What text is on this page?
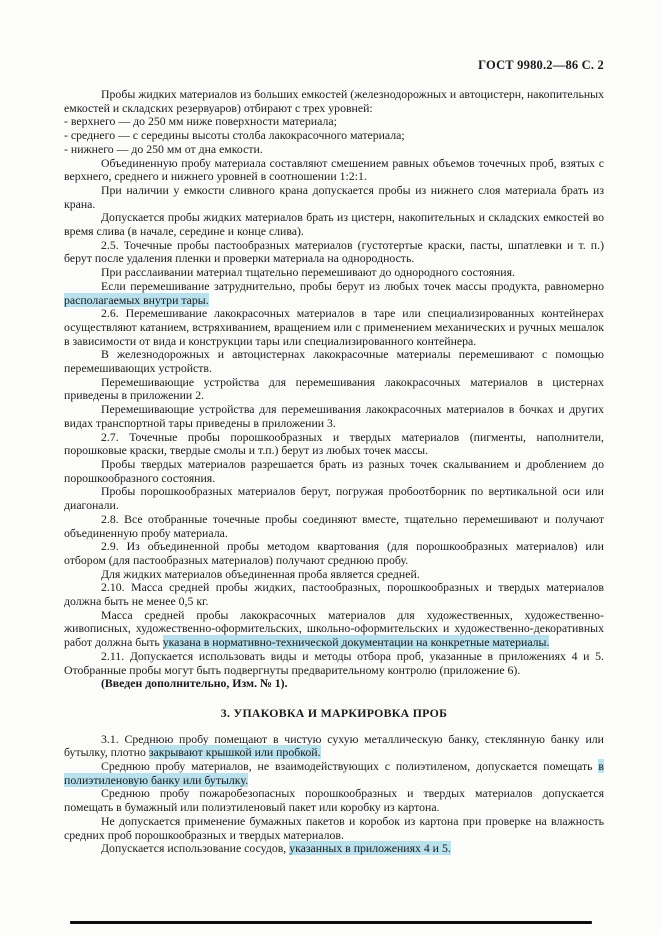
ГОСТ 9980.2—86 С. 2

Пробы жидких материалов из больших емкостей (железнодорожных и автоцистерн, накопительных емкостей и складских резервуаров) отбирают с трех уровней:

- верхнего — до 250 мм ниже поверхности материала;

- среднего — с середины высоты столба лакокрасочного материала;

- нижнего — до 250 мм от дна емкости.

Объединенную пробу материала составляют смешением равных объемов точечных проб, взятых с верхнего, среднего и нижнего уровней в соотношении 1:2:1.

При наличии у емкости сливного крана допускается пробы из нижнего слоя материала брать из крана.

Допускается пробы жидких материалов брать из цистерн, накопительных и складских емкостей во время слива (в начале, середине и конце слива).

2.5. Точечные пробы пастообразных материалов (густотертые краски, пасты, шпатлевки и т. п.) берут после удаления пленки и проверки материала на однородность.

При расслаивании материал тщательно перемешивают до однородного состояния.

Если перемешивание затруднительно, пробы берут из любых точек массы продукта, равномерно располагаемых внутри тары.

2.6. Перемешивание лакокрасочных материалов в таре или специализированных контейнерах осуществляют катанием, встряхиванием, вращением или с применением механических и ручных мешалок в зависимости от вида и конструкции тары или специализированного контейнера.

В железнодорожных и автоцистернах лакокрасочные материалы перемешивают с помощью перемешивающих устройств.

Перемешивающие устройства для перемешивания лакокрасочных материалов в цистернах приведены в приложении 2.

Перемешивающие устройства для перемешивания лакокрасочных материалов в бочках и других видах транспортной тары приведены в приложении 3.

2.7. Точечные пробы порошкообразных и твердых материалов (пигменты, наполнители, порошковые краски, твердые смолы и т.п.) берут из любых точек массы.

Пробы твердых материалов разрешается брать из разных точек скалыванием и дроблением до порошкообразного состояния.

Пробы порошкообразных материалов берут, погружая пробоотборник по вертикальной оси или диагонали.

2.8. Все отобранные точечные пробы соединяют вместе, тщательно перемешивают и получают объединенную пробу материала.

2.9. Из объединенной пробы методом квартования (для порошкообразных материалов) или отбором (для пастообразных материалов) получают среднюю пробу.

Для жидких материалов объединенная проба является средней.

2.10. Масса средней пробы жидких, пастообразных, порошкообразных и твердых материалов должна быть не менее 0,5 кг.

Масса средней пробы лакокрасочных материалов для художественных, художественно-живописных, художественно-оформительских, школьно-оформительских и художественно-декоративных работ должна быть указана в нормативно-технической документации на конкретные материалы.

2.11. Допускается использовать виды и методы отбора проб, указанные в приложениях 4 и 5. Отобранные пробы могут быть подвергнуты предварительному контролю (приложение 6).

(Введен дополнительно, Изм. № 1).

3. УПАКОВКА И МАРКИРОВКА ПРОБ

3.1. Среднюю пробу помещают в чистую сухую металлическую банку, стеклянную банку или бутылку, плотно закрывают крышкой или пробкой.

Среднюю пробу материалов, не взаимодействующих с полиэтиленом, допускается помещать в полиэтиленовую банку или бутылку.

Среднюю пробу пожаробезопасных порошкообразных и твердых материалов допускается помещать в бумажный или полиэтиленовый пакет или коробку из картона.

Не допускается применение бумажных пакетов и коробок из картона при проверке на влажность средних проб порошкообразных и твердых материалов.

Допускается использование сосудов, указанных в приложениях 4 и 5.
